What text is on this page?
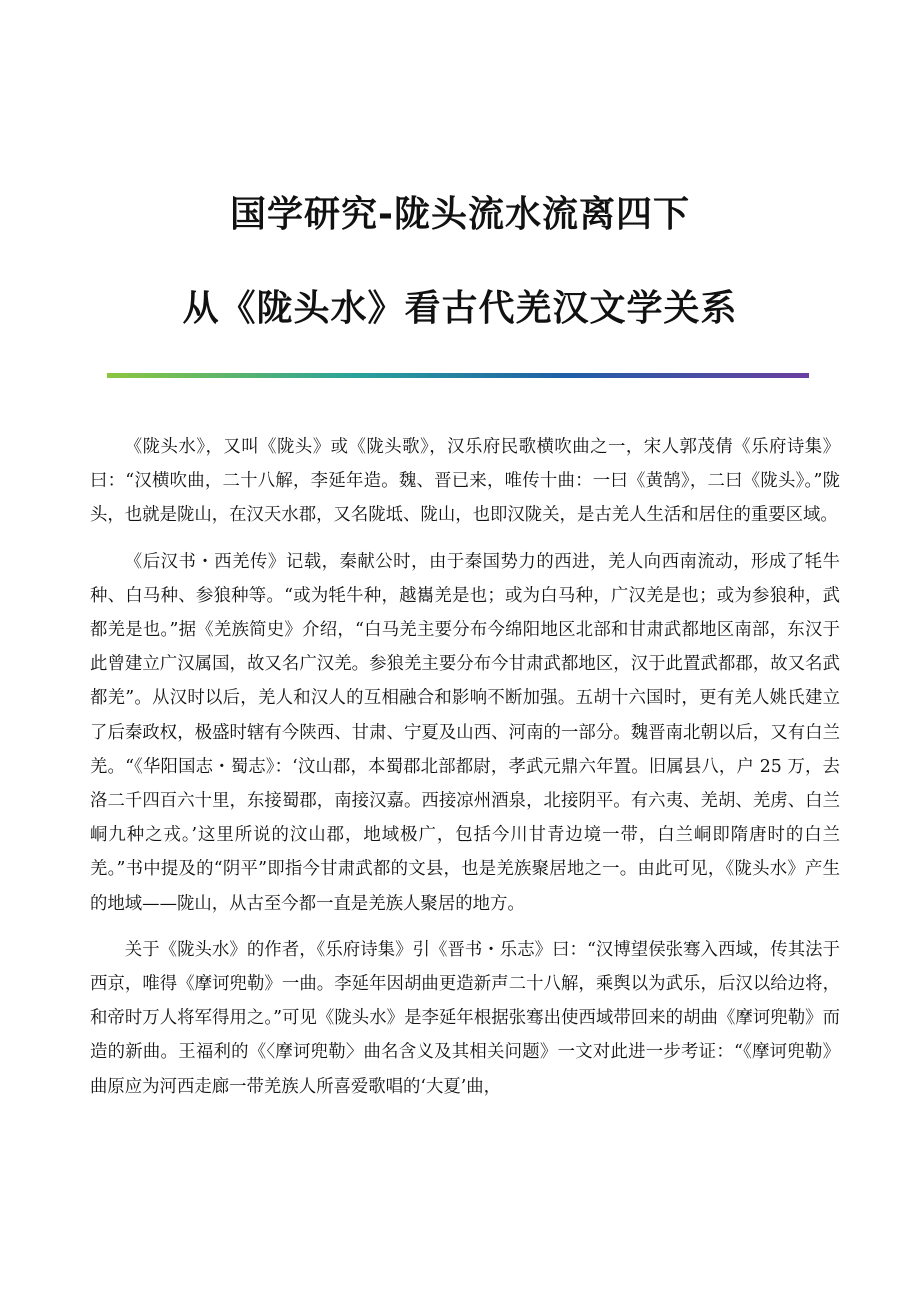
国学研究-陇头流水流离四下
从《陇头水》看古代羌汉文学关系

《陇头水》，又叫《陇头》或《陇头歌》，汉乐府民歌横吹曲之一，宋人郭茂倩《乐府诗集》曰：“汉横吹曲，二十八解，李延年造。魏、晋已来，唯传十曲：一曰《黄鹄》，二曰《陇头》。”陇头，也就是陇山，在汉天水郡，又名陇坻、陇山，也即汉陇关，是古羌人生活和居住的重要区域。

《后汉书・西羌传》记载，秦献公时，由于秦国势力的西进，羌人向西南流动，形成了牦牛种、白马种、参狼种等。“或为牦牛种，越巂羌是也；或为白马种，广汉羌是也；或为参狼种，武都羌是也。”据《羌族简史》介绍，“白马羌主要分布今绵阳地区北部和甘肃武都地区南部，东汉于此曾建立广汉属国，故又名广汉羌。参狼羌主要分布今甘肃武都地区，汉于此置武都郡，故又名武都羌”。从汉时以后，羌人和汉人的互相融合和影响不断加强。五胡十六国时，更有羌人姚氏建立了后秦政权，极盛时辖有今陕西、甘肃、宁夏及山西、河南的一部分。魏晋南北朝以后，又有白兰羌。“《华阳国志・蜀志》：‘汶山郡，本蜀郡北部都尉，孝武元鼎六年置。旧属县八，户 25 万，去洛二千四百六十里，东接蜀郡，南接汉嘉。西接凉州酒泉，北接阴平。有六夷、羌胡、羌虏、白兰峒九种之戎。’这里所说的汶山郡，地域极广，包括今川甘青边境一带，白兰峒即隋唐时的白兰羌。”书中提及的“阴平”即指今甘肃武都的文县，也是羌族聚居地之一。由此可见，《陇头水》产生的地域——陇山，从古至今都一直是羌族人聚居的地方。

关于《陇头水》的作者，《乐府诗集》引《晋书・乐志》曰：“汉博望侯张骞入西域，传其法于西京，唯得《摩诃兜勒》一曲。李延年因胡曲更造新声二十八解，乘舆以为武乐，后汉以给边将，和帝时万人将军得用之。”可见《陇头水》是李延年根据张骞出使西域带回来的胡曲《摩诃兜勒》而造的新曲。王福利的《〈摩诃兜勒〉曲名含义及其相关问题》一文对此进一步考证：“《摩诃兜勒》曲原应为河西走廊一带羌族人所喜爱歌唱的‘大夏’曲，
